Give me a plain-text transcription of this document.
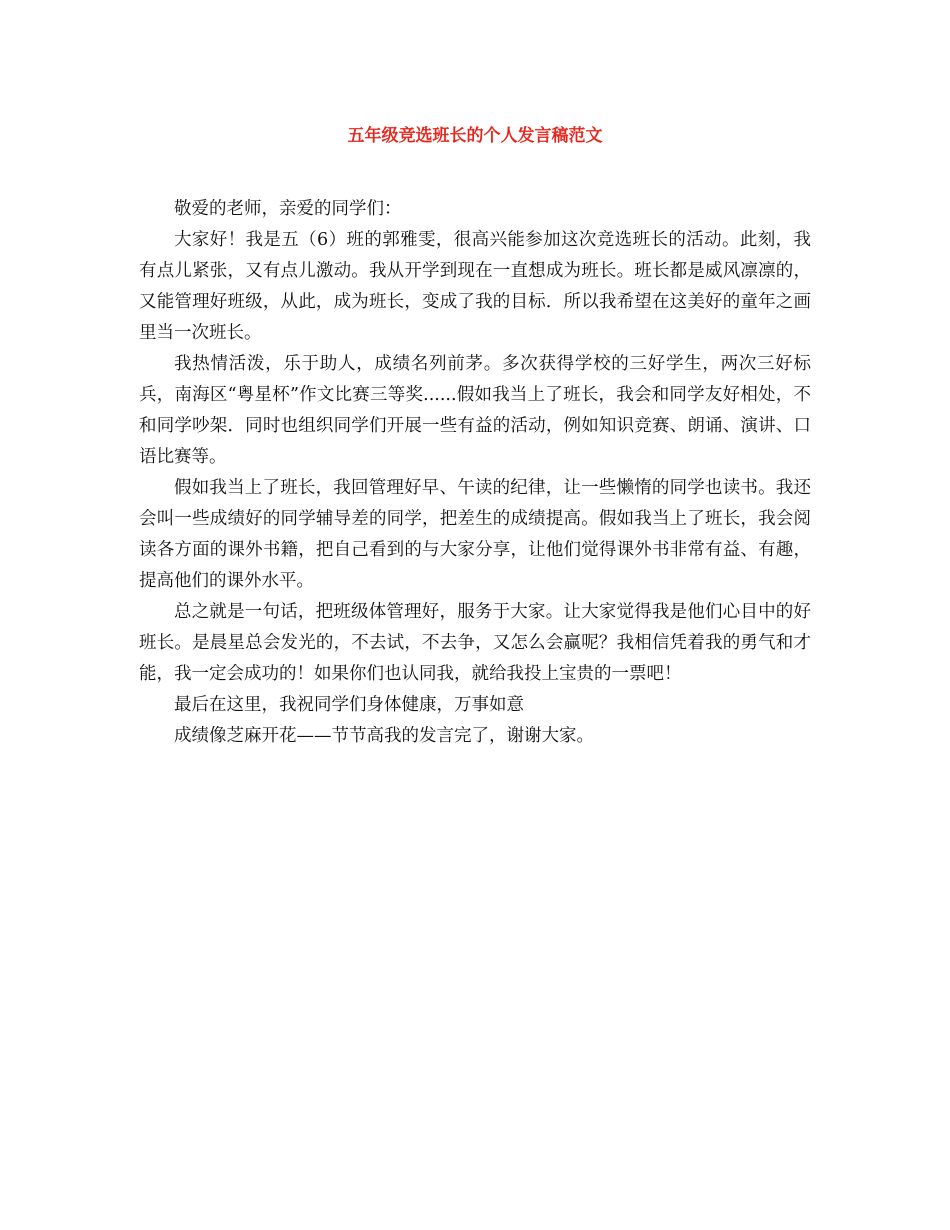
五年级竞选班长的个人发言稿范文

敬爱的老师，亲爱的同学们：

大家好！我是五（6）班的郭雅雯，很高兴能参加这次竞选班长的活动。此刻，我有点儿紧张，又有点儿激动。我从开学到现在一直想成为班长。班长都是威风凛凛的，又能管理好班级，从此，成为班长，变成了我的目标．所以我希望在这美好的童年之画里当一次班长。

我热情活泼，乐于助人，成绩名列前茅。多次获得学校的三好学生，两次三好标兵，南海区“粤星杯”作文比赛三等奖......假如我当上了班长，我会和同学友好相处，不和同学吵架．同时也组织同学们开展一些有益的活动，例如知识竞赛、朗诵、演讲、口语比赛等。

假如我当上了班长，我回管理好早、午读的纪律，让一些懒惰的同学也读书。我还会叫一些成绩好的同学辅导差的同学，把差生的成绩提高。假如我当上了班长，我会阅读各方面的课外书籍，把自己看到的与大家分享，让他们觉得课外书非常有益、有趣，提高他们的课外水平。

总之就是一句话，把班级体管理好，服务于大家。让大家觉得我是他们心目中的好班长。是晨星总会发光的，不去试，不去争，又怎么会赢呢？我相信凭着我的勇气和才能，我一定会成功的！如果你们也认同我，就给我投上宝贵的一票吧！

最后在这里，我祝同学们身体健康，万事如意

成绩像芝麻开花——节节高我的发言完了，谢谢大家。
